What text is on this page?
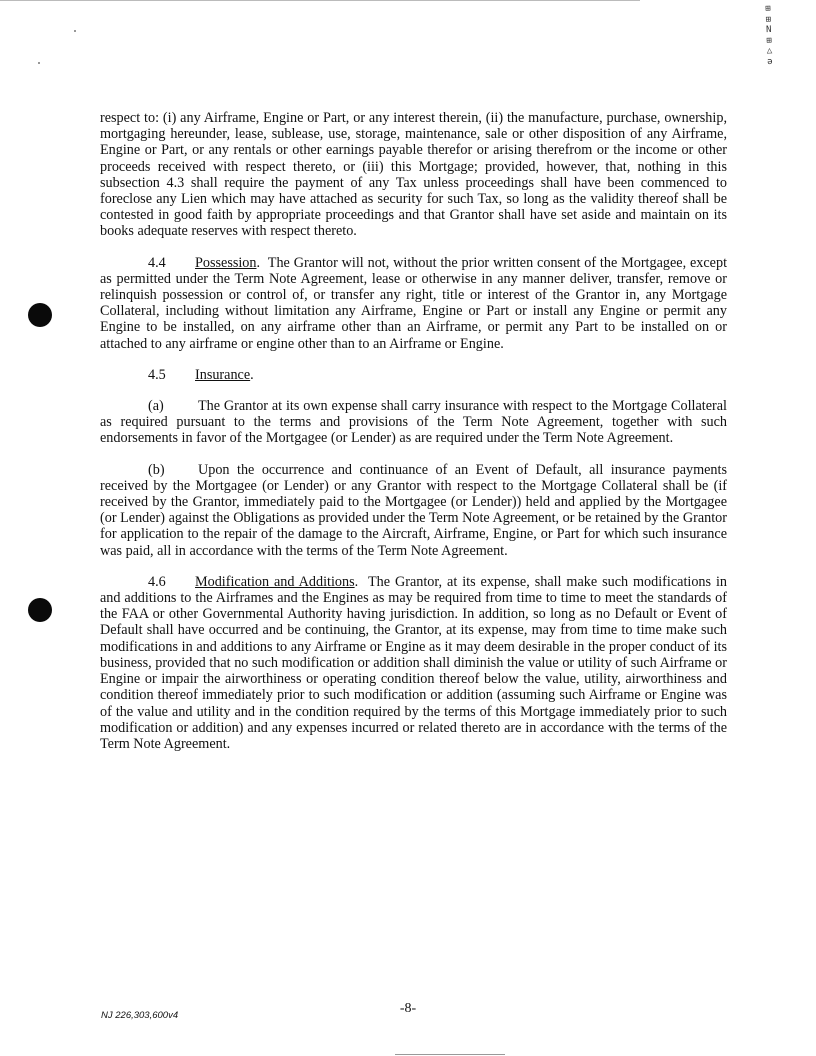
⊞
⊞
N
⊞
△
ə

respect to: (i) any Airframe, Engine or Part, or any interest therein, (ii) the manufacture, purchase, ownership, mortgaging hereunder, lease, sublease, use, storage, maintenance, sale or other disposition of any Airframe, Engine or Part, or any rentals or other earnings payable therefor or arising therefrom or the income or other proceeds received with respect thereto, or (iii) this Mortgage; provided, however, that, nothing in this subsection 4.3 shall require the payment of any Tax unless proceedings shall have been commenced to foreclose any Lien which may have attached as security for such Tax, so long as the validity thereof shall be contested in good faith by appropriate proceedings and that Grantor shall have set aside and maintain on its books adequate reserves with respect thereto.

4.4 Possession.  The Grantor will not, without the prior written consent of the Mortgagee, except as permitted under the Term Note Agreement, lease or otherwise in any manner deliver, transfer, remove or relinquish possession or control of, or transfer any right, title or interest of the Grantor in, any Mortgage Collateral, including without limitation any Airframe, Engine or Part or install any Engine or permit any Engine to be installed, on any airframe other than an Airframe, or permit any Part to be installed on or attached to any airframe or engine other than to an Airframe or Engine.

4.5 Insurance.

(a) The Grantor at its own expense shall carry insurance with respect to the Mortgage Collateral as required pursuant to the terms and provisions of the Term Note Agreement, together with such endorsements in favor of the Mortgagee (or Lender) as are required under the Term Note Agreement.

(b) Upon the occurrence and continuance of an Event of Default, all insurance payments received by the Mortgagee (or Lender) or any Grantor with respect to the Mortgage Collateral shall be (if received by the Grantor, immediately paid to the Mortgagee (or Lender)) held and applied by the Mortgagee (or Lender) against the Obligations as provided under the Term Note Agreement, or be retained by the Grantor for application to the repair of the damage to the Aircraft, Airframe, Engine, or Part for which such insurance was paid, all in accordance with the terms of the Term Note Agreement.

4.6 Modification and Additions.  The Grantor, at its expense, shall make such modifications in and additions to the Airframes and the Engines as may be required from time to time to meet the standards of the FAA or other Governmental Authority having jurisdiction. In addition, so long as no Default or Event of Default shall have occurred and be continuing, the Grantor, at its expense, may from time to time make such modifications in and additions to any Airframe or Engine as it may deem desirable in the proper conduct of its business, provided that no such modification or addition shall diminish the value or utility of such Airframe or Engine or impair the airworthiness or operating condition thereof below the value, utility, airworthiness and condition thereof immediately prior to such modification or addition (assuming such Airframe or Engine was of the value and utility and in the condition required by the terms of this Mortgage immediately prior to such modification or addition) and any expenses incurred or related thereto are in accordance with the terms of the Term Note Agreement.

-8-
NJ 226,303,600v4
